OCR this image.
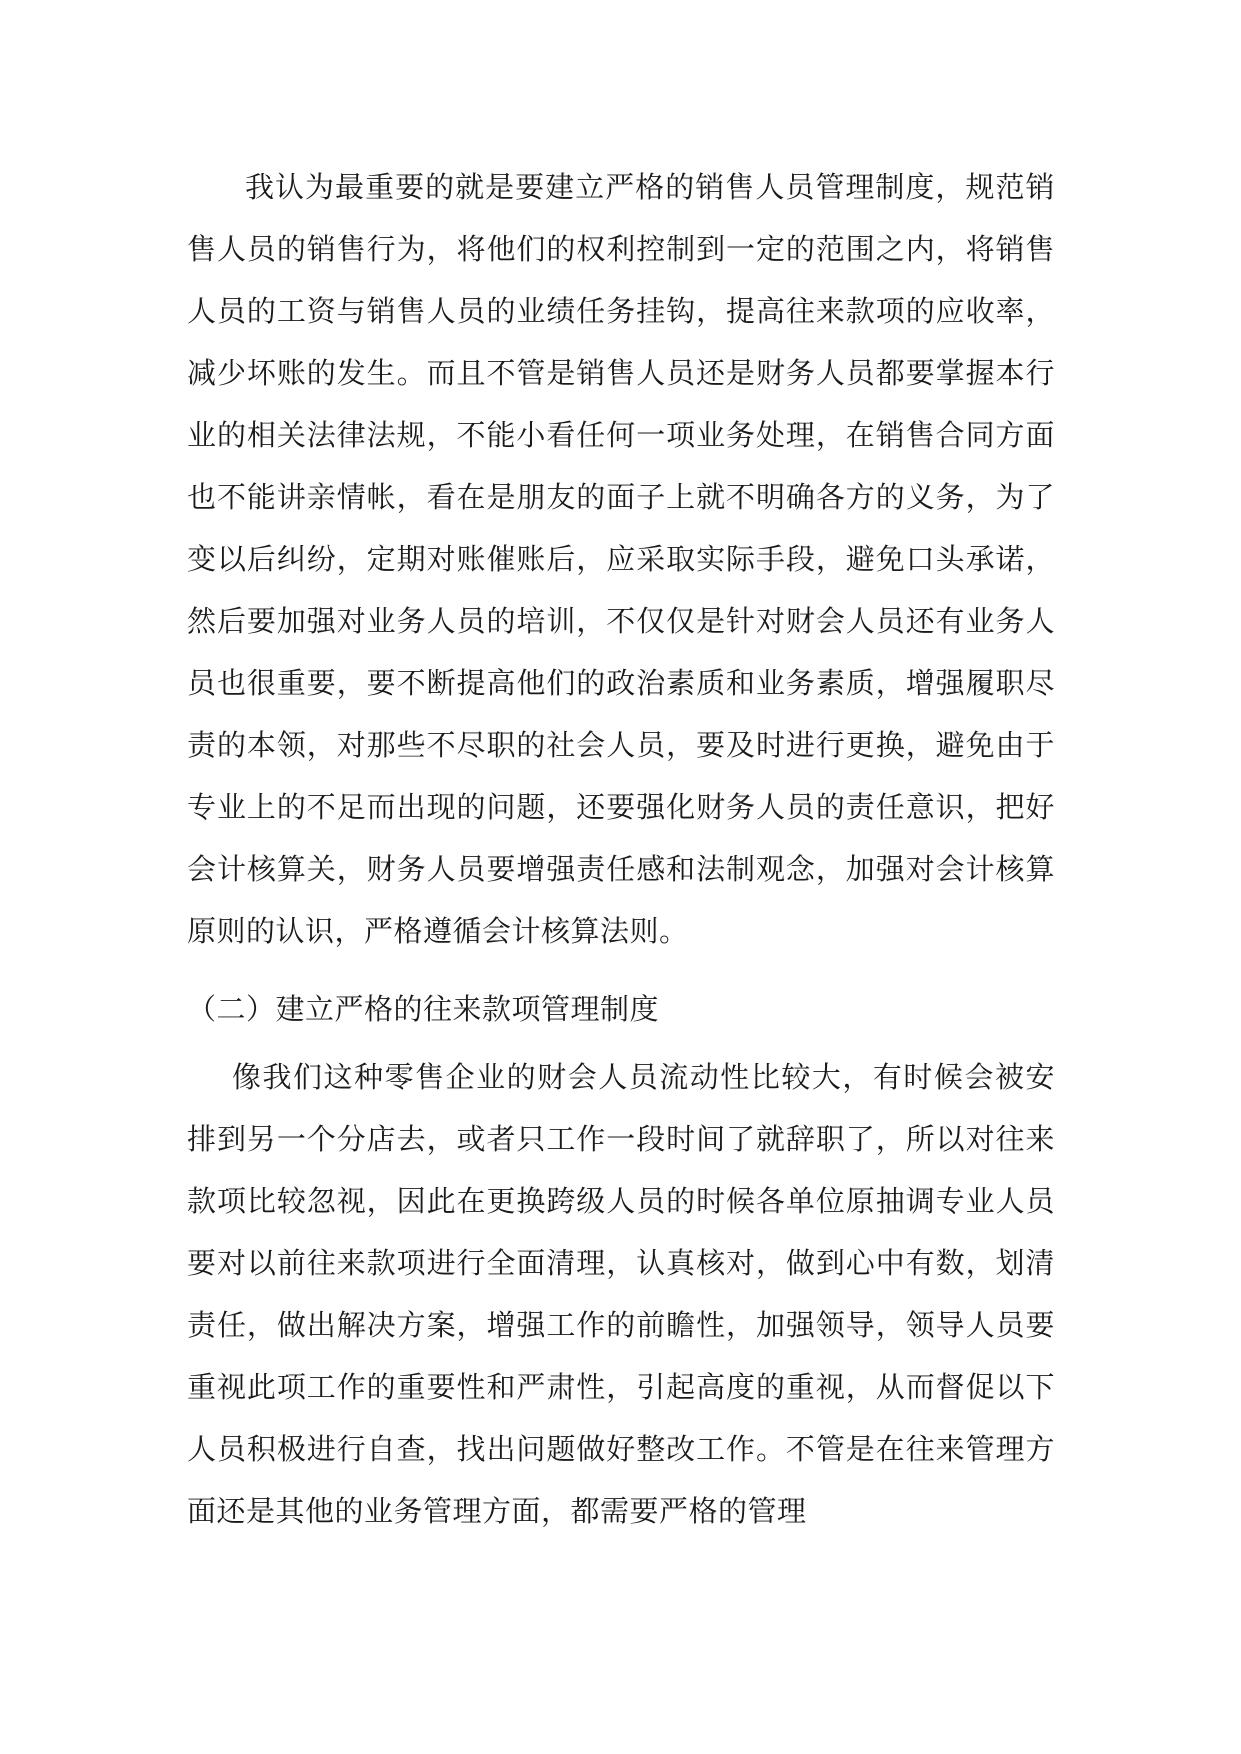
我认为最重要的就是要建立严格的销售人员管理制度，规范销售人员的销售行为，将他们的权利控制到一定的范围之内，将销售人员的工资与销售人员的业绩任务挂钩，提高往来款项的应收率，减少坏账的发生。而且不管是销售人员还是财务人员都要掌握本行业的相关法律法规，不能小看任何一项业务处理，在销售合同方面也不能讲亲情帐，看在是朋友的面子上就不明确各方的义务，为了变以后纠纷，定期对账催账后，应采取实际手段，避免口头承诺，然后要加强对业务人员的培训，不仅仅是针对财会人员还有业务人员也很重要，要不断提高他们的政治素质和业务素质，增强履职尽责的本领，对那些不尽职的社会人员，要及时进行更换，避免由于专业上的不足而出现的问题，还要强化财务人员的责任意识，把好会计核算关，财务人员要增强责任感和法制观念，加强对会计核算原则的认识，严格遵循会计核算法则。

（二）建立严格的往来款项管理制度

像我们这种零售企业的财会人员流动性比较大，有时候会被安排到另一个分店去，或者只工作一段时间了就辞职了，所以对往来款项比较忽视，因此在更换跨级人员的时候各单位原抽调专业人员要对以前往来款项进行全面清理，认真核对，做到心中有数，划清责任，做出解决方案，增强工作的前瞻性，加强领导，领导人员要重视此项工作的重要性和严肃性，引起高度的重视，从而督促以下人员积极进行自查，找出问题做好整改工作。不管是在往来管理方面还是其他的业务管理方面，都需要严格的管理
